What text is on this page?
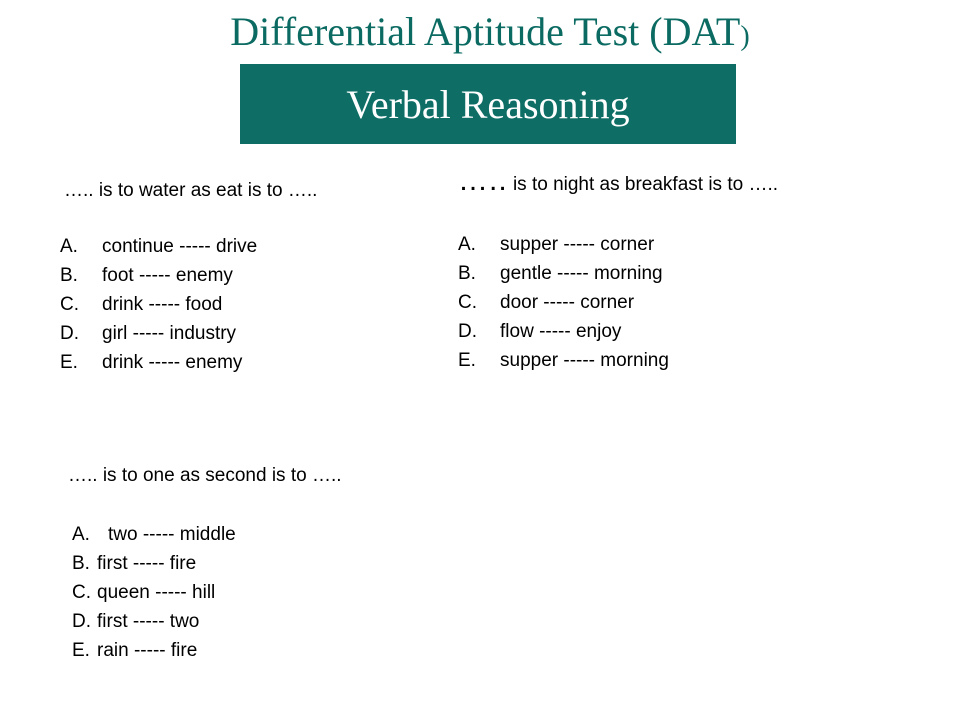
Differential Aptitude Test (DAT)
Verbal Reasoning
….. is to water as eat is to …..
A. continue ----- drive
B. foot ----- enemy
C. drink ----- food
D. girl ----- industry
E. drink ----- enemy
….. is to night as breakfast is to …..
A. supper ----- corner
B. gentle ----- morning
C. door ----- corner
D. flow ----- enjoy
E. supper ----- morning
….. is to one as second is to …..
A. two ----- middle
B. first ----- fire
C. queen ----- hill
D. first ----- two
E. rain ----- fire
